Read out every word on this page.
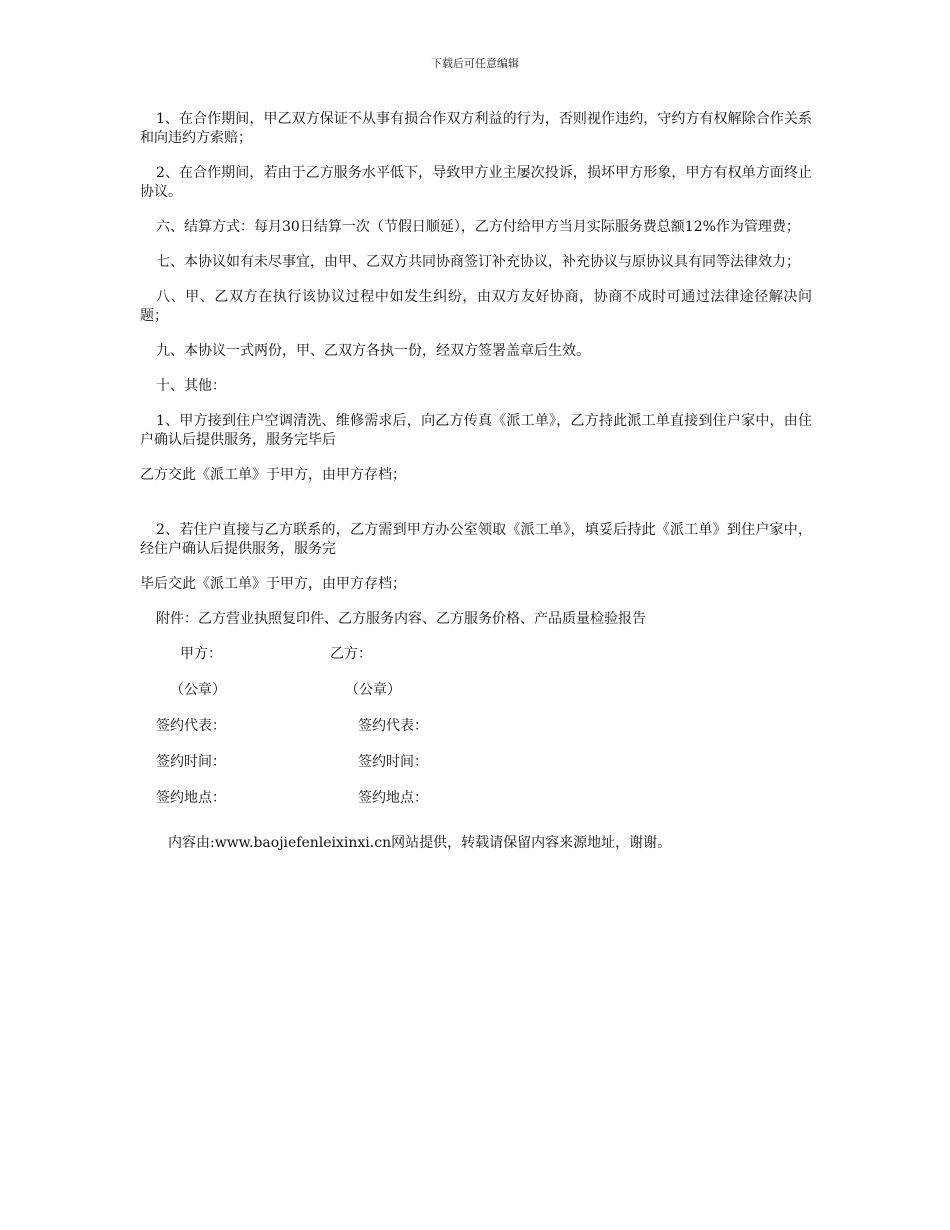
下载后可任意编辑

1、在合作期间，甲乙双方保证不从事有损合作双方利益的行为，否则视作违约，守约方有权解除合作关系和向违约方索赔；

2、在合作期间，若由于乙方服务水平低下，导致甲方业主屡次投诉，损坏甲方形象，甲方有权单方面终止协议。

六、结算方式：每月30日结算一次（节假日顺延），乙方付给甲方当月实际服务费总额12%作为管理费；

七、本协议如有未尽事宜，由甲、乙双方共同协商签订补充协议，补充协议与原协议具有同等法律效力；

八、甲、乙双方在执行该协议过程中如发生纠纷，由双方友好协商，协商不成时可通过法律途径解决问题；

九、本协议一式两份，甲、乙双方各执一份，经双方签署盖章后生效。

十、其他：

1、甲方接到住户空调清洗、维修需求后，向乙方传真《派工单》，乙方持此派工单直接到住户家中，由住户确认后提供服务，服务完毕后

乙方交此《派工单》于甲方，由甲方存档；

2、若住户直接与乙方联系的，乙方需到甲方办公室领取《派工单》，填妥后持此《派工单》到住户家中，经住户确认后提供服务，服务完

毕后交此《派工单》于甲方，由甲方存档；

附件：乙方营业执照复印件、乙方服务内容、乙方服务价格、产品质量检验报告

甲方：	乙方：
（公章）	（公章）
签约代表：	签约代表：
签约时间：	签约时间：
签约地点：	签约地点：

内容由:www.baojiefenleixinxi.cn网站提供，转载请保留内容来源地址，谢谢。
